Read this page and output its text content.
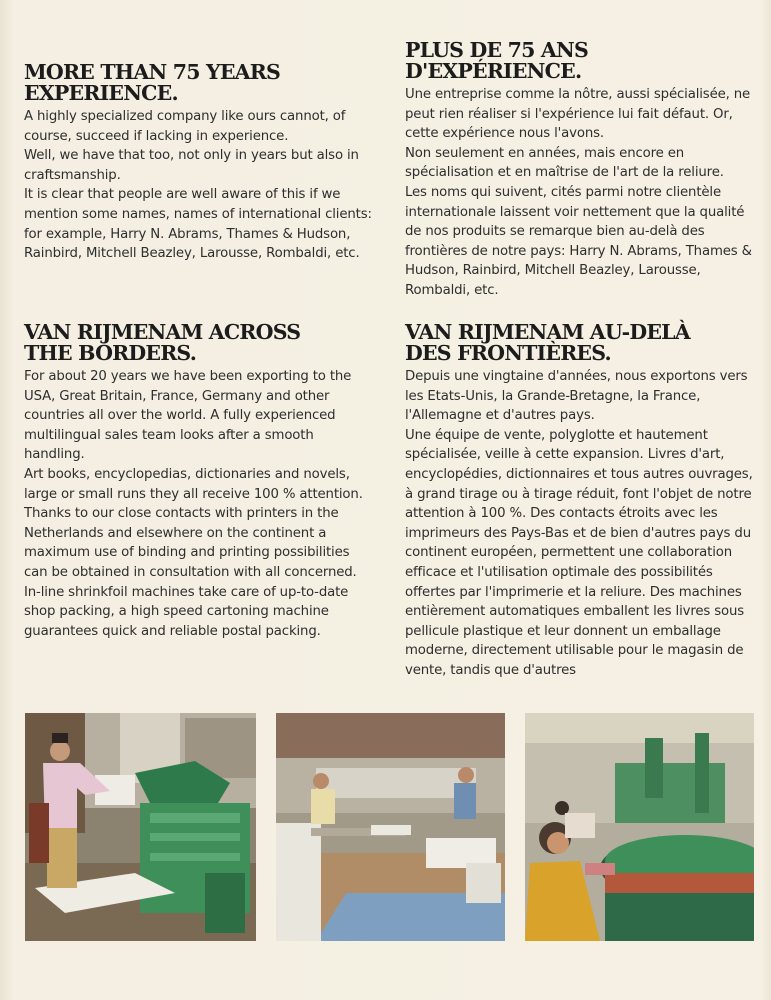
MORE THAN 75 YEARS
EXPERIENCE.

A highly specialized company like ours cannot, of course, succeed if lacking in experience.

Well, we have that too, not only in years but also in craftsmanship.

It is clear that people are well aware of this if we mention some names, names of international clients:

for example, Harry N. Abrams, Thames & Hudson, Rainbird, Mitchell Beazley, Larousse, Rombaldi, etc.

PLUS DE 75 ANS
D'EXPÉRIENCE.

Une entreprise comme la nôtre, aussi spécialisée, ne peut rien réaliser si l'expérience lui fait défaut. Or, cette expérience nous l'avons.

Non seulement en années, mais encore en spécialisation et en maîtrise de l'art de la reliure.

Les noms qui suivent, cités parmi notre clientèle internationale laissent voir nettement que la qualité de nos produits se remarque bien au-delà des frontières de notre pays: Harry N. Abrams, Thames & Hudson, Rainbird, Mitchell Beazley, Larousse, Rombaldi, etc.

VAN RIJMENAM ACROSS
THE BORDERS.

For about 20 years we have been exporting to the USA, Great Britain, France, Germany and other countries all over the world. A fully experienced multilingual sales team looks after a smooth handling.

Art books, encyclopedias, dictionaries and novels, large or small runs they all receive 100 % attention.

Thanks to our close contacts with printers in the Netherlands and elsewhere on the continent a maximum use of binding and printing possibilities can be obtained in consultation with all concerned.

In-line shrinkfoil machines take care of up-to-date shop packing, a high speed cartoning machine guarantees quick and reliable postal packing.

VAN RIJMENAM AU-DELÀ
DES FRONTIÈRES.

Depuis une vingtaine d'années, nous exportons vers les Etats-Unis, la Grande-Bretagne, la France, l'Allemagne et d'autres pays.

Une équipe de vente, polyglotte et hautement spécialisée, veille à cette expansion. Livres d'art, encyclopédies, dictionnaires et tous autres ouvrages, à grand tirage ou à tirage réduit, font l'objet de notre attention à 100 %. Des contacts étroits avec les imprimeurs des Pays-Bas et de bien d'autres pays du continent européen, permettent une collaboration efficace et l'utilisation optimale des possibilités offertes par l'imprimerie et la reliure. Des machines entièrement automatiques emballent les livres sous pellicule plastique et leur donnent un emballage moderne, directement utilisable pour le magasin de vente, tandis que d'autres
